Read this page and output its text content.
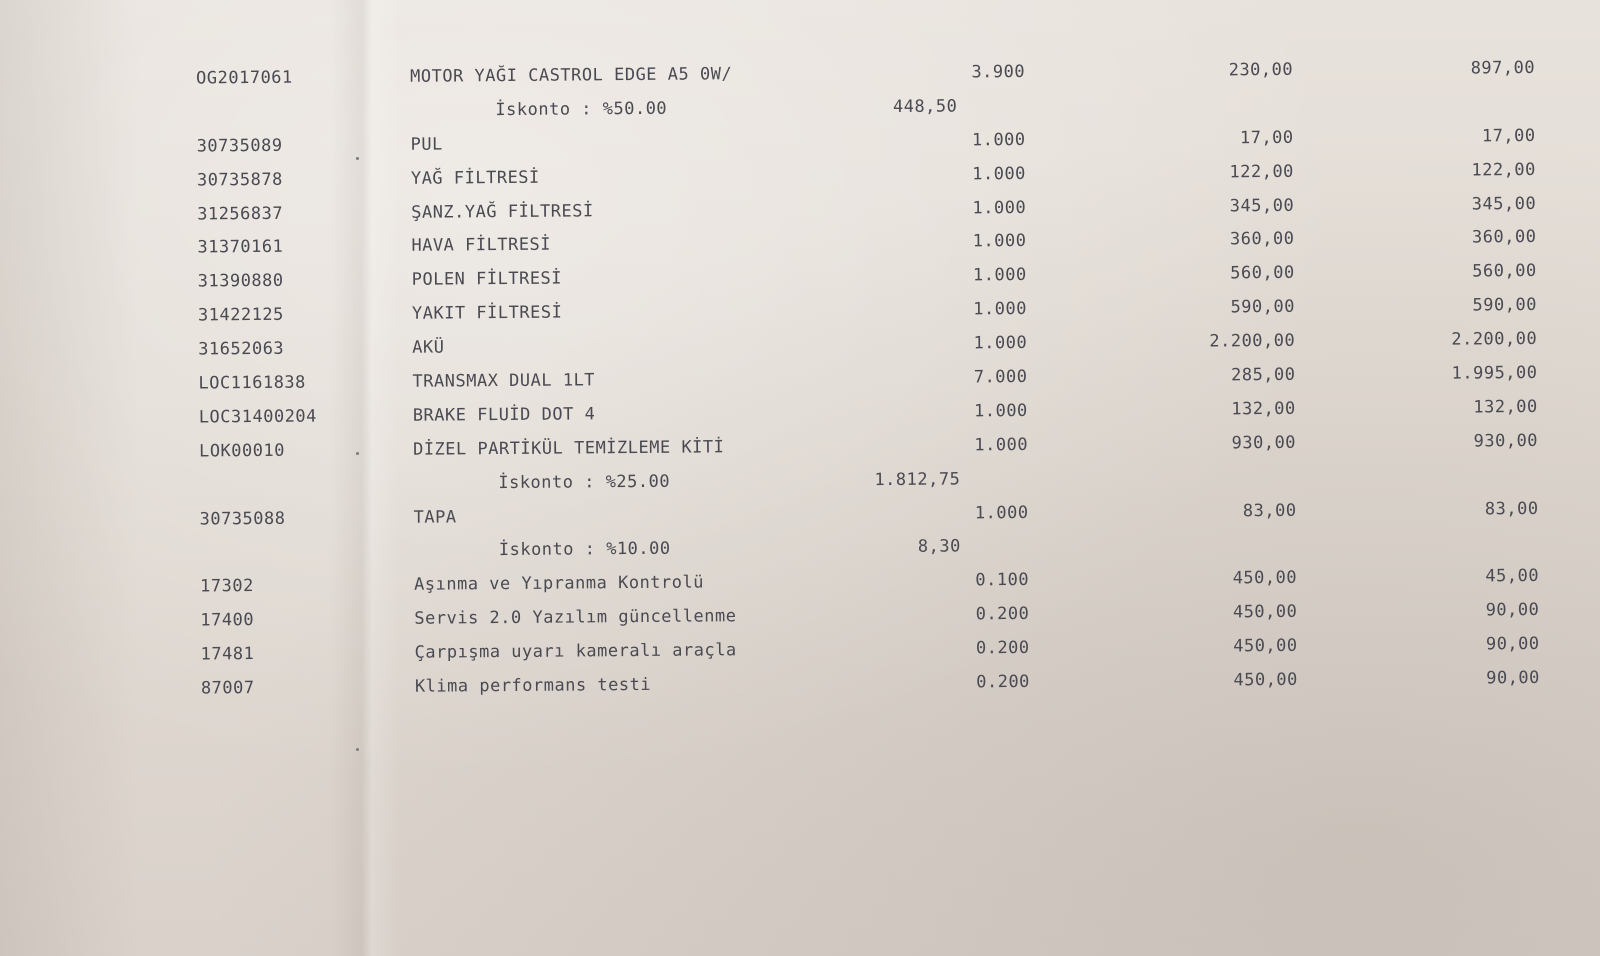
OG2017061	MOTOR YAĞI CASTROL EDGE A5 0W/	3.900	230,00	897,00
İskonto : %50.00	448,50
30735089	PUL	1.000	17,00	17,00
30735878	YAĞ FİLTRESİ	1.000	122,00	122,00
31256837	ŞANZ.YAĞ FİLTRESİ	1.000	345,00	345,00
31370161	HAVA FİLTRESİ	1.000	360,00	360,00
31390880	POLEN FİLTRESİ	1.000	560,00	560,00
31422125	YAKIT FİLTRESİ	1.000	590,00	590,00
31652063	AKÜ	1.000	2.200,00	2.200,00
LOC1161838	TRANSMAX DUAL 1LT	7.000	285,00	1.995,00
LOC31400204	BRAKE FLUİD DOT 4	1.000	132,00	132,00
LOK00010	DİZEL PARTİKÜL TEMİZLEME KİTİ	1.000	930,00	930,00
İskonto : %25.00	1.812,75
30735088	TAPA	1.000	83,00	83,00
İskonto : %10.00	8,30
17302	Aşınma ve Yıpranma Kontrolü	0.100	450,00	45,00
17400	Servis 2.0 Yazılım güncellenme	0.200	450,00	90,00
17481	Çarpışma uyarı kameralı araçla	0.200	450,00	90,00
87007	Klima performans testi	0.200	450,00	90,00
